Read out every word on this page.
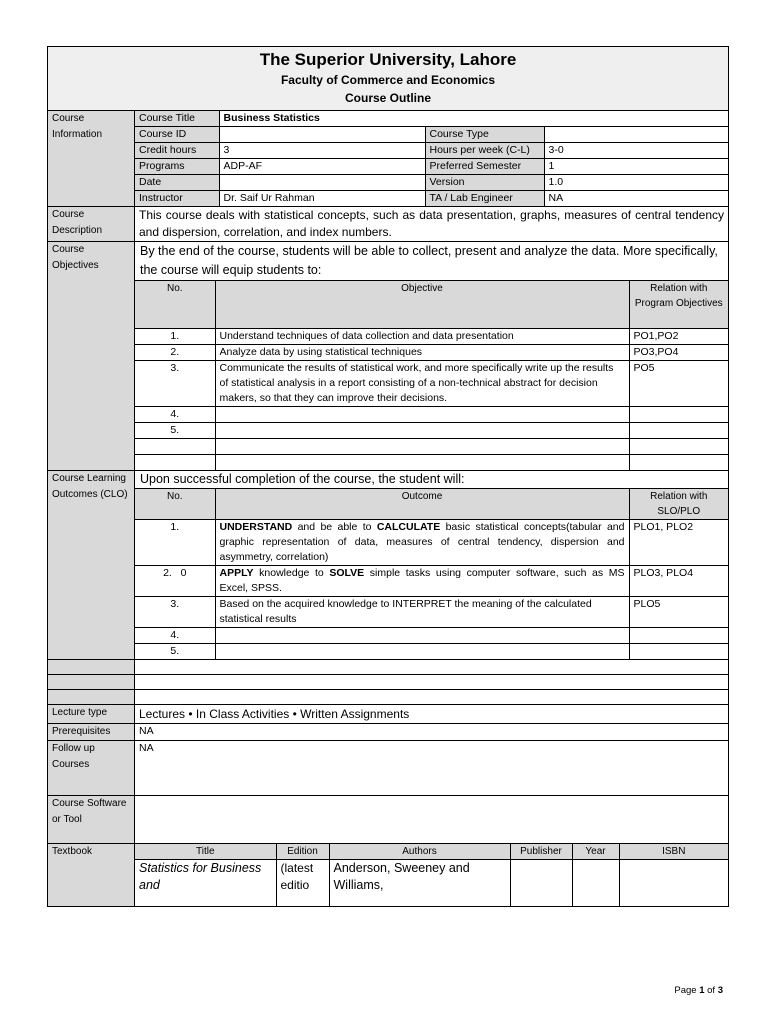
The Superior University, Lahore
Faculty of Commerce and Economics
Course Outline

Course Information	
Course Title	Business Statistics
Course ID		Course Type	
Credit hours	3	Hours per week (C-L)	3-0
Programs	ADP-AF	Preferred Semester	1
Date		Version	1.0
Instructor	Dr. Saif Ur Rahman	TA / Lab Engineer	NA

Course Description	This course deals with statistical concepts, such as data presentation, graphs, measures of central tendency and dispersion, correlation, and index numbers.
Course Objectives	
By the end of the course, students will be able to collect, present and analyze the data. More specifically, the course will equip students to:
No.	Objective	Relation with Program Objectives
1.	Understand techniques of data collection and data presentation	PO1,PO2
2.	Analyze data by using statistical techniques	PO3,PO4
3.	Communicate the results of statistical work, and more specifically write up the results of statistical analysis in a report consisting of a non-technical abstract for decision makers, so that they can improve their decisions.	PO5
4.		
5.		

Course Learning Outcomes (CLO)	
Upon successful completion of the course, the student will:
No.	Outcome	Relation with SLO/PLO
1.	UNDERSTAND and be able to CALCULATE basic statistical concepts(tabular and graphic representation of data, measures of central tendency, dispersion and asymmetry, correlation)	PLO1, PLO2
2.   0	APPLY knowledge to SOLVE simple tasks using computer software, such as MS Excel, SPSS.	PLO3, PLO4
3.	Based on the acquired knowledge to INTERPRET the meaning of the calculated statistical results	PLO5
4.		
5.		

Lecture type	Lectures • In Class Activities • Written Assignments
Prerequisites	NA
Follow up Courses	NA
Course Software or Tool	
Textbook		Title	Edition	Authors	Publisher	Year	ISBN
Statistics for Business and	(latest editio	Anderson, Sweeney and Williams,			
Page 1 of 3
